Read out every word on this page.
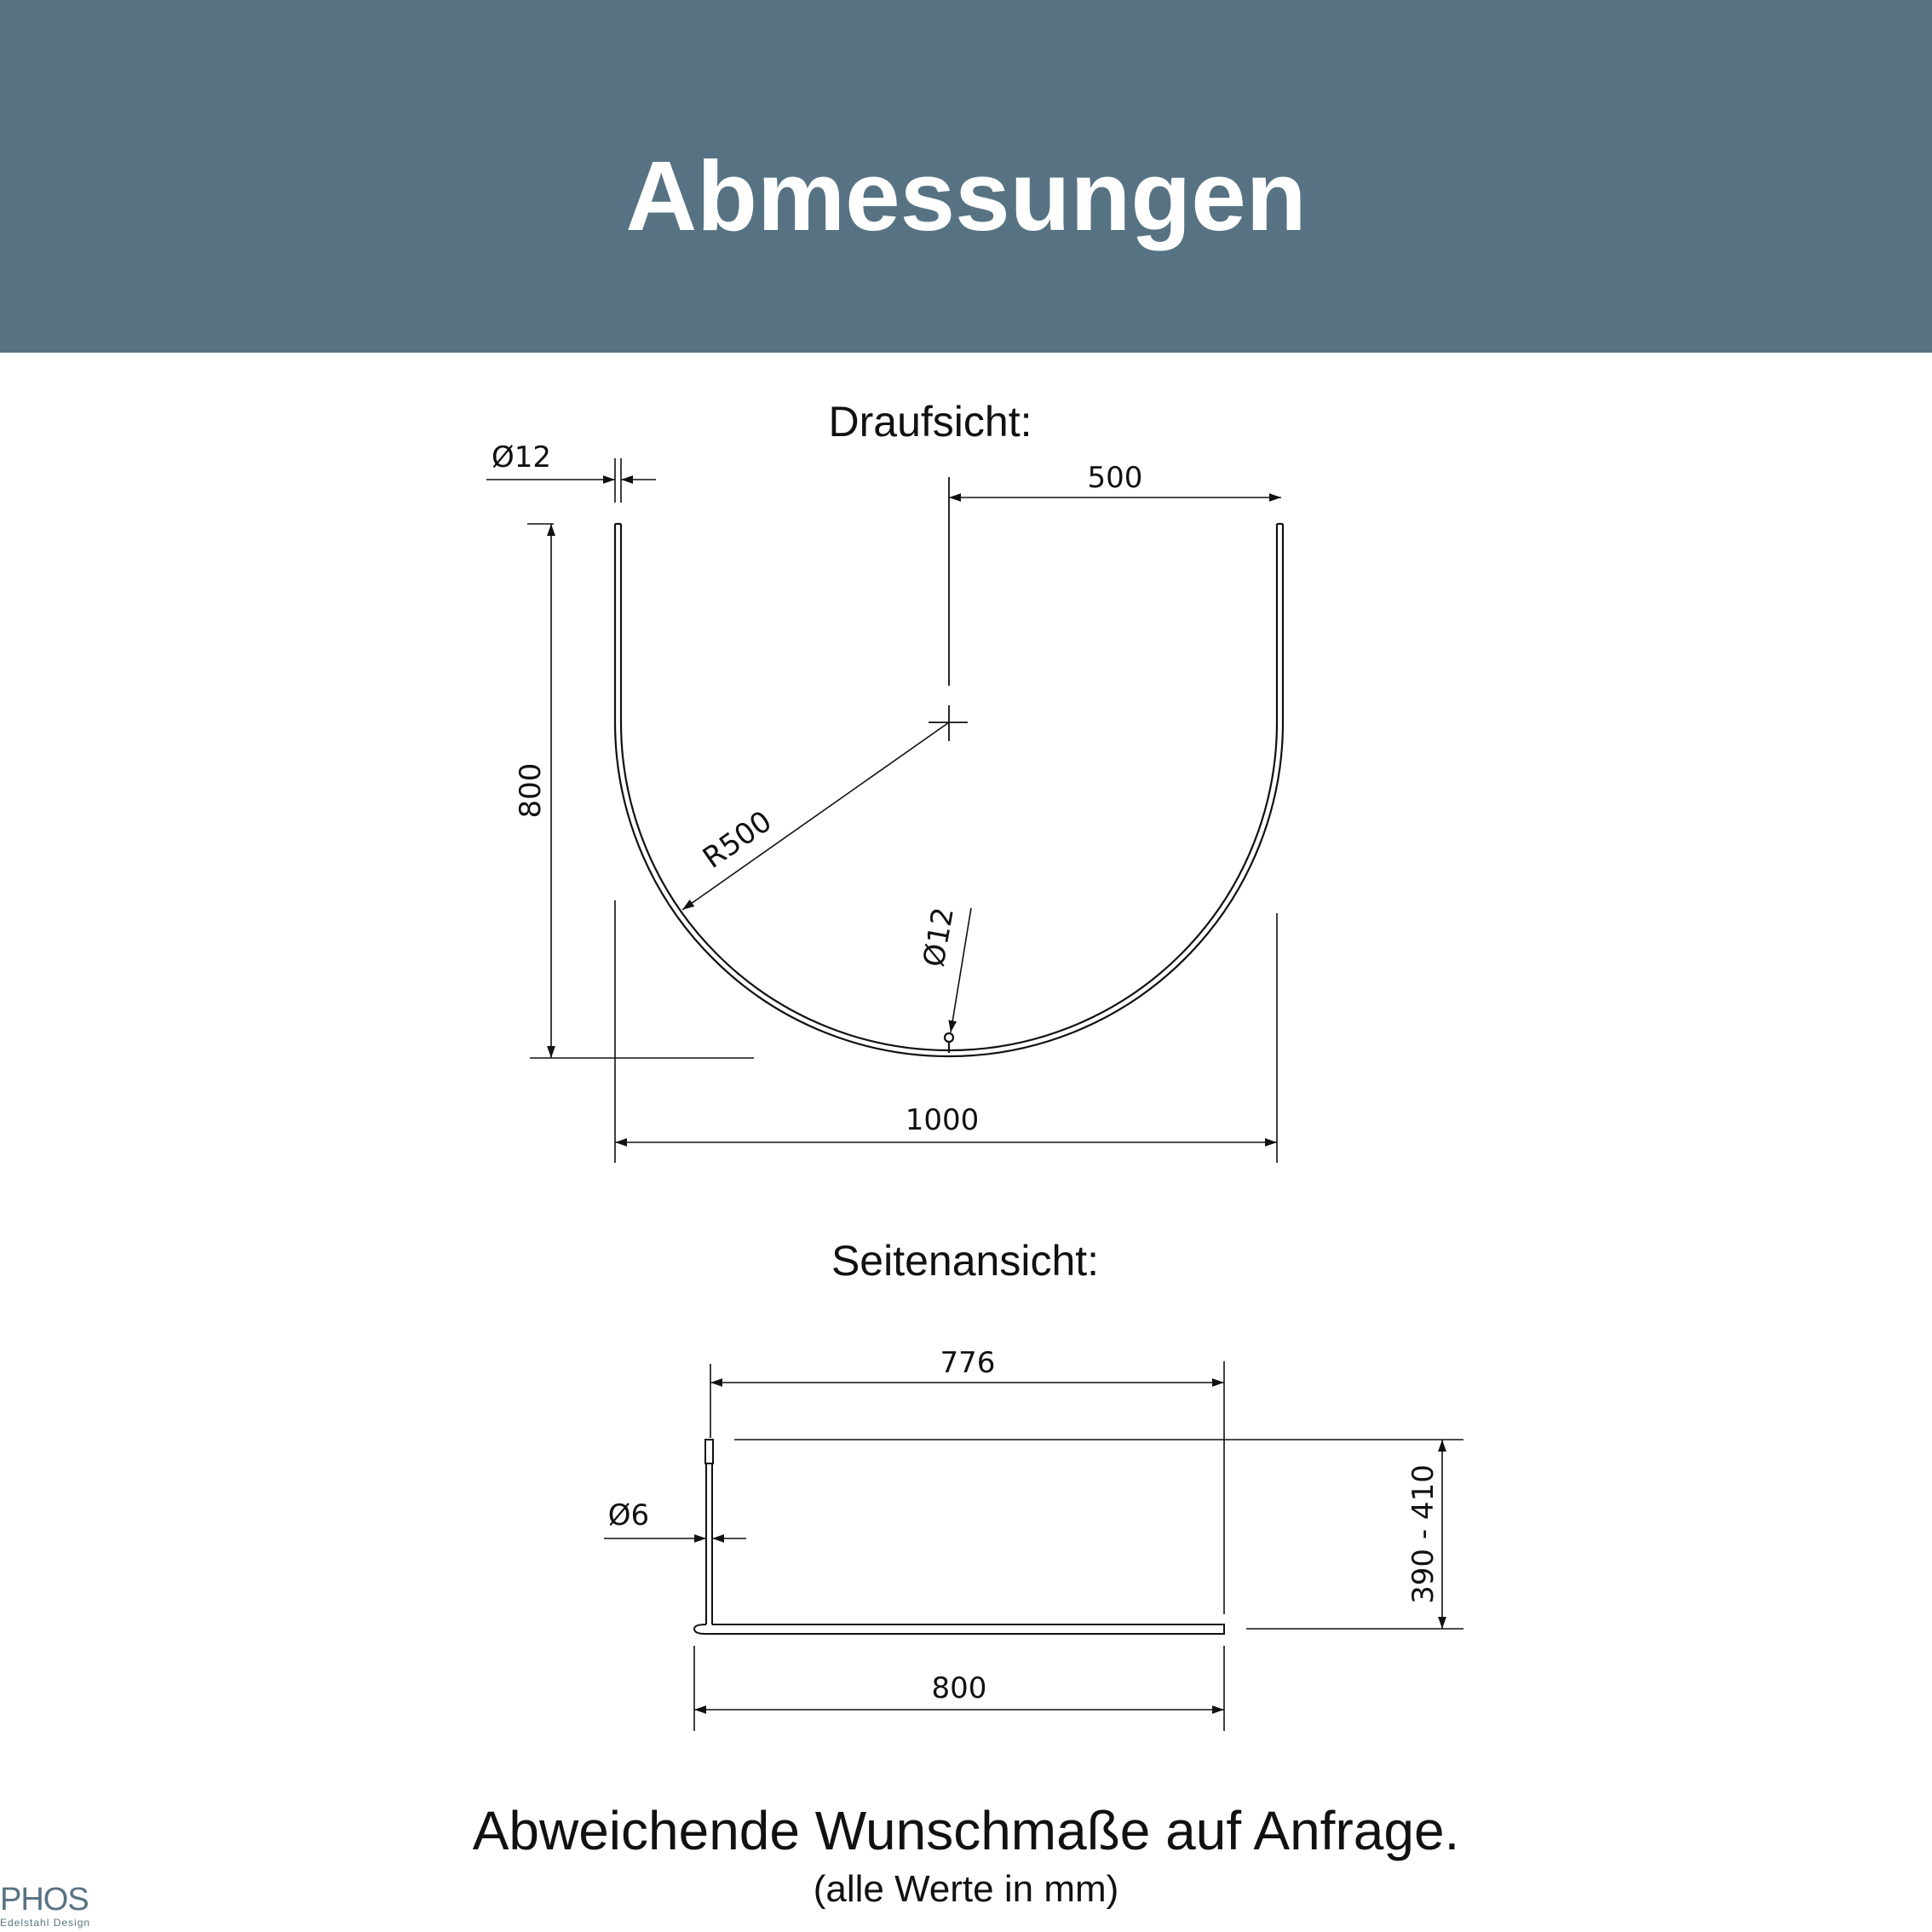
Abmessungen
Draufsicht:
Ø12
500
800
R500
Ø12
1000
Seitenansicht:
776
Ø6	390 - 410
800
Abweichende Wunschmaße auf Anfrage.
(alle Werte in mm)
PHOS
Edelstahl Design
